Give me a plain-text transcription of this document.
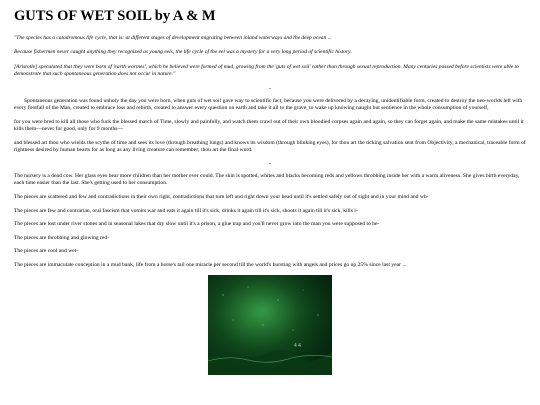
GUTS OF WET SOIL by A & M

"The species has a catadromous life cycle, that is: at different stages of development migrating between inland waterways and the deep ocean ...

Because fishermen never caught anything they recognized as young eels, the life cycle of the eel was a mystery for a very long period of scientific history.

[Aristotle] speculated that they were born of 'earth wormes', which he believed were formed of mud, growing from the 'guts of wet soil' rather than through sexual reproduction. Many centuries passed before scientists were able to demonstrate that such spontaneous generation does not occur in nature."

-

Spontaneous generation was found unholy the day you were born, when guts of wet soil gave way to scientific fact, because you were delivered by a decaying, unidentifiable form, created to destroy the neo-worlds left with every footfall of the Man, created to embrace loss and rebirth, created to answer every question on earth and take it all to the grave, to wake up knowing naught but sentience in the whole consumption of yourself,

for you were bred to kill all those who fuck the blessed march of Time, slowly and painfully, and watch them crawl out of their own bloodied corpses again and again, so they can forget again, and make the same mistakes until it kills them—never for good, only for 9 months—

and blessed art thou who wields the scythe of time and sees its love (through breathing lungs) and knows its wisdom (through blinking eyes), for thou art the ticking salvation sent from Objectivity, a mechanical, traceable form of rightness desired by human hearts for as long as any living creature can remember; thou art the final word.

-

The nursery is a dead cow. Her glass eyes bear more children than her mother ever could. The skin is spotted, whites and blacks becoming reds and yellows throbbing inside her with a warm aliveness. She gives birth everyday, each time easier than the last. She's getting used to her consumption.

The pieces are scattered and few and contradictions in their own right, contradictions that turn left and right down your head until it's settled safely out of sight and in your mind and wh-

The pieces are few and contrarian, oral fascism that vomits war and eats it again till it's sick, drinks it again till it's sick, shoots it again till it's sick, kills i-

The pieces are lost under river stones and in seasonal lakes that dry slow until it's a prison, a glue trap and you'll never grow into the man you were supposed to be-

The pieces are throbbing and glowing red-

The pieces are cool and wet-

The pieces are immaculate conception in a mud bank, life from a horse's tail one miracle per second till the world's bursting with angels and prices go up 25% since last year ...

4 4
